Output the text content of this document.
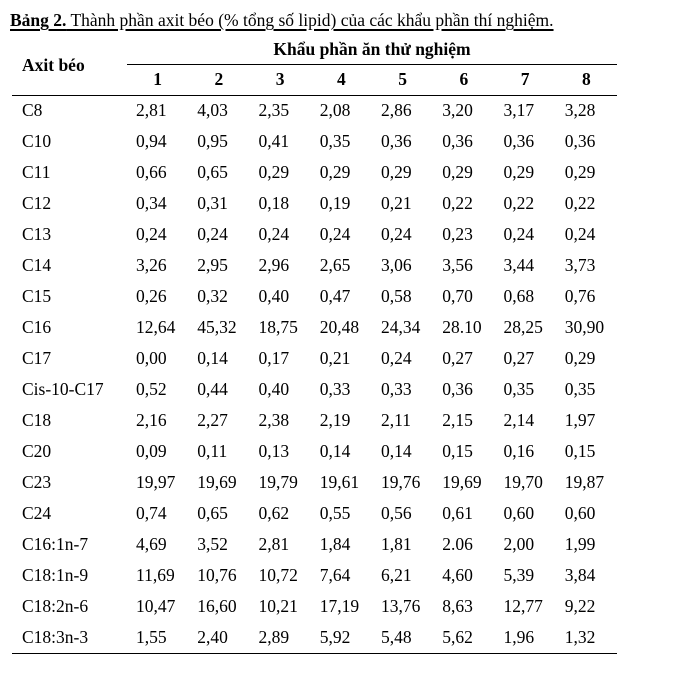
Bảng 2. Thành phần axit béo (% tổng số lipid) của các khẩu phần thí nghiệm.
Axit béo	Khẩu phần ăn thử nghiệm							
	1	2	3	4	5	6	7	8
C8	2,81	4,03	2,35	2,08	2,86	3,20	3,17	3,28
C10	0,94	0,95	0,41	0,35	0,36	0,36	0,36	0,36
C11	0,66	0,65	0,29	0,29	0,29	0,29	0,29	0,29
C12	0,34	0,31	0,18	0,19	0,21	0,22	0,22	0,22
C13	0,24	0,24	0,24	0,24	0,24	0,23	0,24	0,24
C14	3,26	2,95	2,96	2,65	3,06	3,56	3,44	3,73
C15	0,26	0,32	0,40	0,47	0,58	0,70	0,68	0,76
C16	12,64	45,32	18,75	20,48	24,34	28.10	28,25	30,90
C17	0,00	0,14	0,17	0,21	0,24	0,27	0,27	0,29
Cis-10-C17	0,52	0,44	0,40	0,33	0,33	0,36	0,35	0,35
C18	2,16	2,27	2,38	2,19	2,11	2,15	2,14	1,97
C20	0,09	0,11	0,13	0,14	0,14	0,15	0,16	0,15
C23	19,97	19,69	19,79	19,61	19,76	19,69	19,70	19,87
C24	0,74	0,65	0,62	0,55	0,56	0,61	0,60	0,60
C16:1n-7	4,69	3,52	2,81	1,84	1,81	2.06	2,00	1,99
C18:1n-9	11,69	10,76	10,72	7,64	6,21	4,60	5,39	3,84
C18:2n-6	10,47	16,60	10,21	17,19	13,76	8,63	12,77	9,22
C18:3n-3	1,55	2,40	2,89	5,92	5,48	5,62	1,96	1,32
